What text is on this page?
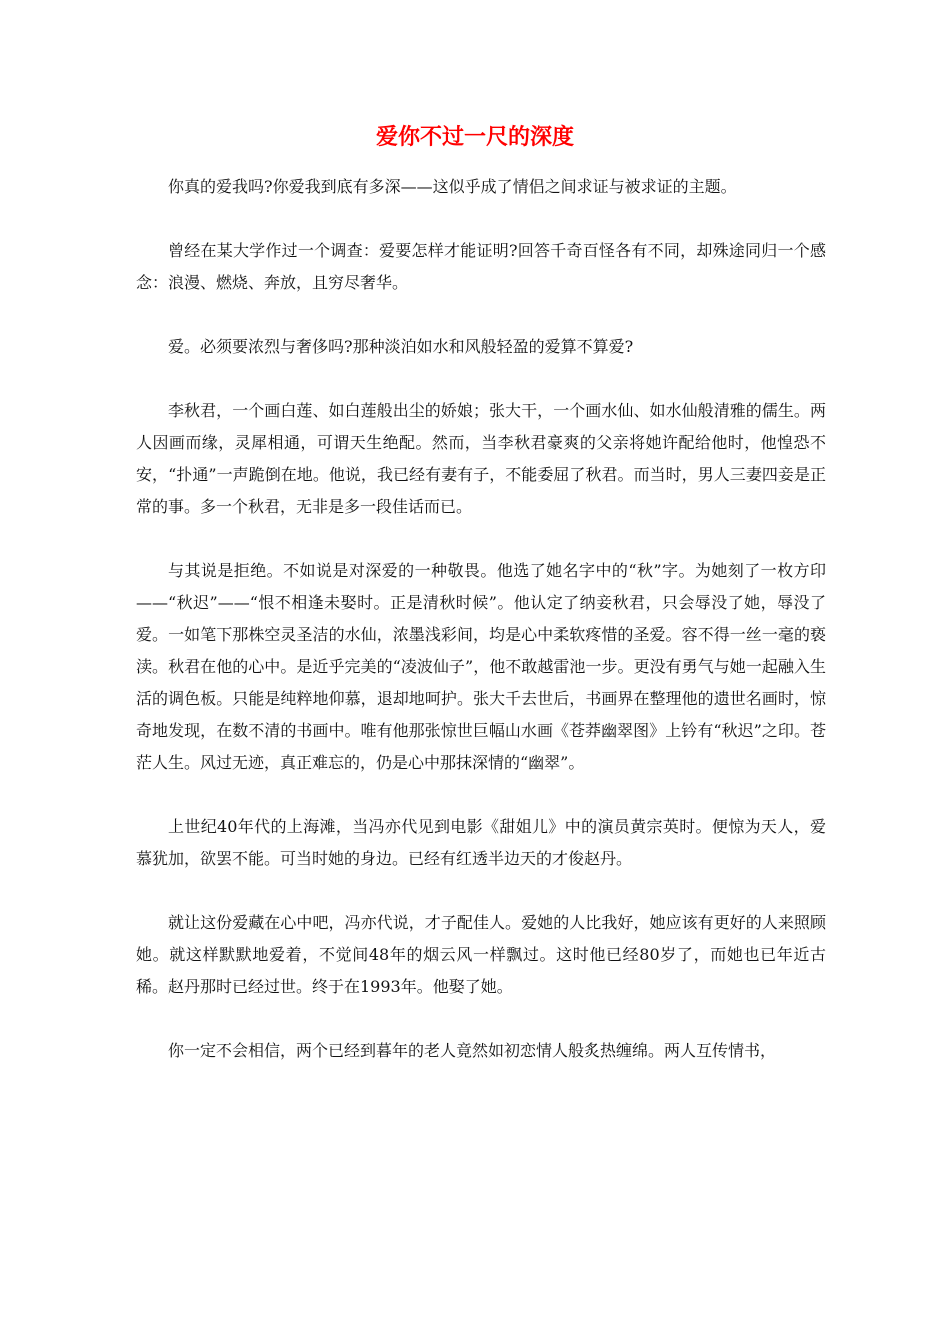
爱你不过一尺的深度

你真的爱我吗?你爱我到底有多深——这似乎成了情侣之间求证与被求证的主题。

曾经在某大学作过一个调查：爱要怎样才能证明?回答千奇百怪各有不同，却殊途同归一个感念：浪漫、燃烧、奔放，且穷尽奢华。

爱。必须要浓烈与奢侈吗?那种淡泊如水和风般轻盈的爱算不算爱?

李秋君，一个画白莲、如白莲般出尘的娇娘；张大干，一个画水仙、如水仙般清雅的儒生。两人因画而缘，灵犀相通，可谓天生绝配。然而，当李秋君豪爽的父亲将她许配给他时，他惶恐不安，“扑通”一声跪倒在地。他说，我已经有妻有子，不能委屈了秋君。而当时，男人三妻四妾是正常的事。多一个秋君，无非是多一段佳话而已。

与其说是拒绝。不如说是对深爱的一种敬畏。他选了她名字中的“秋”字。为她刻了一枚方印——“秋迟”——“恨不相逢未娶时。正是清秋时候”。他认定了纳妾秋君，只会辱没了她，辱没了爱。一如笔下那株空灵圣洁的水仙，浓墨浅彩间，均是心中柔软疼惜的圣爱。容不得一丝一毫的亵渎。秋君在他的心中。是近乎完美的“凌波仙子”，他不敢越雷池一步。更没有勇气与她一起融入生活的调色板。只能是纯粹地仰慕，退却地呵护。张大千去世后，书画界在整理他的遗世名画时，惊奇地发现，在数不清的书画中。唯有他那张惊世巨幅山水画《苍莽幽翠图》上钤有“秋迟”之印。苍茫人生。风过无迹，真正难忘的，仍是心中那抹深情的“幽翠”。

上世纪40年代的上海滩，当冯亦代见到电影《甜姐儿》中的演员黄宗英时。便惊为天人，爱慕犹加，欲罢不能。可当时她的身边。已经有红透半边天的才俊赵丹。

就让这份爱藏在心中吧，冯亦代说，才子配佳人。爱她的人比我好，她应该有更好的人来照顾她。就这样默默地爱着，不觉间48年的烟云风一样飘过。这时他已经80岁了，而她也已年近古稀。赵丹那时已经过世。终于在1993年。他娶了她。

你一定不会相信，两个已经到暮年的老人竟然如初恋情人般炙热缠绵。两人互传情书，
